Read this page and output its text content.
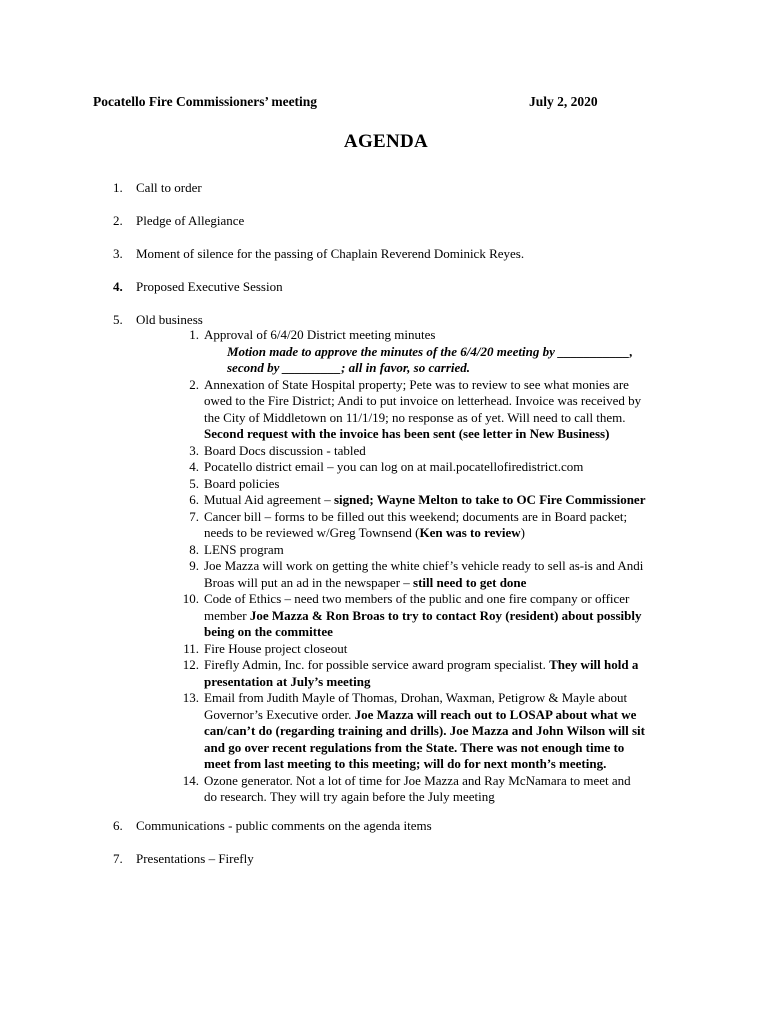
Pocatello Fire Commissioners’ meeting	July 2, 2020
AGENDA
1.	Call to order
2.	Pledge of Allegiance
3.	Moment of silence for the passing of Chaplain Reverend Dominick Reyes.
4.	Proposed Executive Session
5.	Old business
1. Approval of 6/4/20 District meeting minutes
Motion made to approve the minutes of the 6/4/20 meeting by ___________,
second by _________; all in favor, so carried.
2. Annexation of State Hospital property; Pete was to review to see what monies are
owed to the Fire District; Andi to put invoice on letterhead. Invoice was received by
the City of Middletown on 11/1/19; no response as of yet. Will need to call them.
Second request with the invoice has been sent (see letter in New Business)
3. Board Docs discussion - tabled
4. Pocatello district email – you can log on at mail.pocatellofiredistrict.com
5. Board policies
6. Mutual Aid agreement – signed; Wayne Melton to take to OC Fire Commissioner
7. Cancer bill – forms to be filled out this weekend; documents are in Board packet;
needs to be reviewed w/Greg Townsend (Ken was to review)
8. LENS program
9. Joe Mazza will work on getting the white chief’s vehicle ready to sell as-is and Andi
Broas will put an ad in the newspaper – still need to get done
10. Code of Ethics – need two members of the public and one fire company or officer
member Joe Mazza & Ron Broas to try to contact Roy (resident) about possibly
being on the committee
11. Fire House project closeout
12. Firefly Admin, Inc. for possible service award program specialist. They will hold a
presentation at July’s meeting
13. Email from Judith Mayle of Thomas, Drohan, Waxman, Petigrow & Mayle about
Governor’s Executive order. Joe Mazza will reach out to LOSAP about what we
can/can’t do (regarding training and drills). Joe Mazza and John Wilson will sit
and go over recent regulations from the State. There was not enough time to
meet from last meeting to this meeting; will do for next month’s meeting.
14. Ozone generator. Not a lot of time for Joe Mazza and Ray McNamara to meet and
do research. They will try again before the July meeting
6.	Communications - public comments on the agenda items
7.	Presentations – Firefly
